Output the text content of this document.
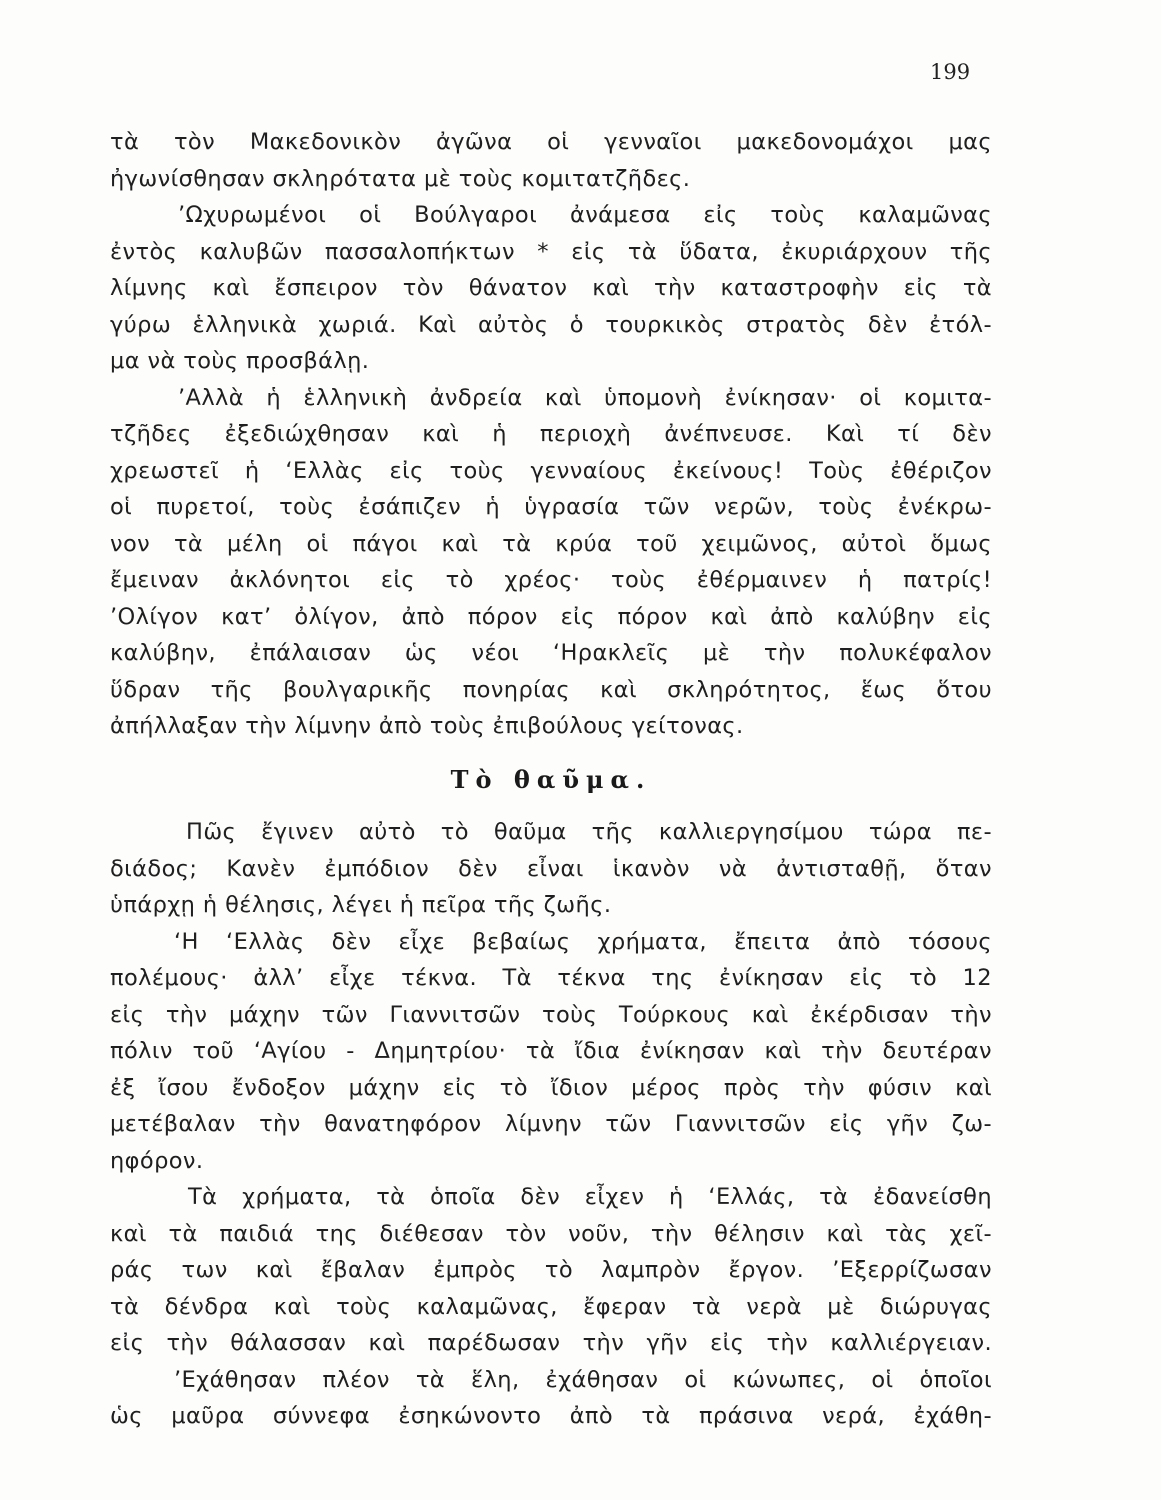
199
τὰ τὸν Μακεδονικὸν ἀγῶνα οἱ γενναῖοι μακεδονομάχοι μας
ἠγωνίσθησαν σκληρότατα μὲ τοὺς κομιτατζῆδες.
’Ωχυρωμένοι οἱ Βούλγαροι ἀνάμεσα εἰς τοὺς καλαμῶνας
ἐντὸς καλυβῶν πασσαλοπήκτων * εἰς τὰ ὕδατα, ἐκυριάρχουν τῆς
λίμνης καὶ ἔσπειρον τὸν θάνατον καὶ τὴν καταστροφὴν εἰς τὰ
γύρω ἑλληνικὰ χωριά. Καὶ αὐτὸς ὁ τουρκικὸς στρατὸς δὲν ἐτόλ-
μα νὰ τοὺς προσβάλῃ.
’Αλλὰ ἡ ἑλληνικὴ ἀνδρεία καὶ ὑπομονὴ ἐνίκησαν· οἱ κομιτα-
τζῆδες ἐξεδιώχθησαν καὶ ἡ περιοχὴ ἀνέπνευσε. Καὶ τί δὲν
χρεωστεῖ ἡ ‘Ελλὰς εἰς τοὺς γενναίους ἐκείνους! Τοὺς ἐθέριζον
οἱ πυρετοί, τοὺς ἐσάπιζεν ἡ ὑγρασία τῶν νερῶν, τοὺς ἐνέκρω-
νον τὰ μέλη οἱ πάγοι καὶ τὰ κρύα τοῦ χειμῶνος, αὐτοὶ ὅμως
ἔμειναν ἀκλόνητοι εἰς τὸ χρέος· τοὺς ἐθέρμαινεν ἡ πατρίς!
’Ολίγον κατ’ ὀλίγον, ἀπὸ πόρον εἰς πόρον καὶ ἀπὸ καλύβην εἰς
καλύβην, ἐπάλαισαν ὡς νέοι ‘Ηρακλεῖς μὲ τὴν πολυκέφαλον
ὕδραν τῆς βουλγαρικῆς πονηρίας καὶ σκληρότητος, ἕως ὅτου
ἀπήλλαξαν τὴν λίμνην ἀπὸ τοὺς ἐπιβούλους γείτονας.
Τὸ θαῦμα.
Πῶς ἔγινεν αὐτὸ τὸ θαῦμα τῆς καλλιεργησίμου τώρα πε-
διάδος; Κανὲν ἐμπόδιον δὲν εἶναι ἱκανὸν νὰ ἀντισταθῇ, ὅταν
ὑπάρχῃ ἡ θέλησις, λέγει ἡ πεῖρα τῆς ζωῆς.
‘Η ‘Ελλὰς δὲν εἶχε βεβαίως χρήματα, ἔπειτα ἀπὸ τόσους
πολέμους· ἀλλ’ εἶχε τέκνα. Τὰ τέκνα της ἐνίκησαν εἰς τὸ 12
εἰς τὴν μάχην τῶν Γιαννιτσῶν τοὺς Τούρκους καὶ ἐκέρδισαν τὴν
πόλιν τοῦ ‘Αγίου - Δημητρίου· τὰ ἴδια ἐνίκησαν καὶ τὴν δευτέραν
ἐξ ἴσου ἔνδοξον μάχην εἰς τὸ ἴδιον μέρος πρὸς τὴν φύσιν καὶ
μετέβαλαν τὴν θανατηφόρον λίμνην τῶν Γιαννιτσῶν εἰς γῆν ζω-
ηφόρον.
Τὰ χρήματα, τὰ ὁποῖα δὲν εἶχεν ἡ ‘Ελλάς, τὰ ἐδανείσθη
καὶ τὰ παιδιά της διέθεσαν τὸν νοῦν, τὴν θέλησιν καὶ τὰς χεῖ-
ράς των καὶ ἔβαλαν ἐμπρὸς τὸ λαμπρὸν ἔργον. ’Εξερρίζωσαν
τὰ δένδρα καὶ τοὺς καλαμῶνας, ἔφεραν τὰ νερὰ μὲ διώρυγας
εἰς τὴν θάλασσαν καὶ παρέδωσαν τὴν γῆν εἰς τὴν καλλιέργειαν.
’Εχάθησαν πλέον τὰ ἕλη, ἐχάθησαν οἱ κώνωπες, οἱ ὁποῖοι
ὡς μαῦρα σύννεφα ἐσηκώνοντο ἀπὸ τὰ πράσινα νερά, ἐχάθη-
